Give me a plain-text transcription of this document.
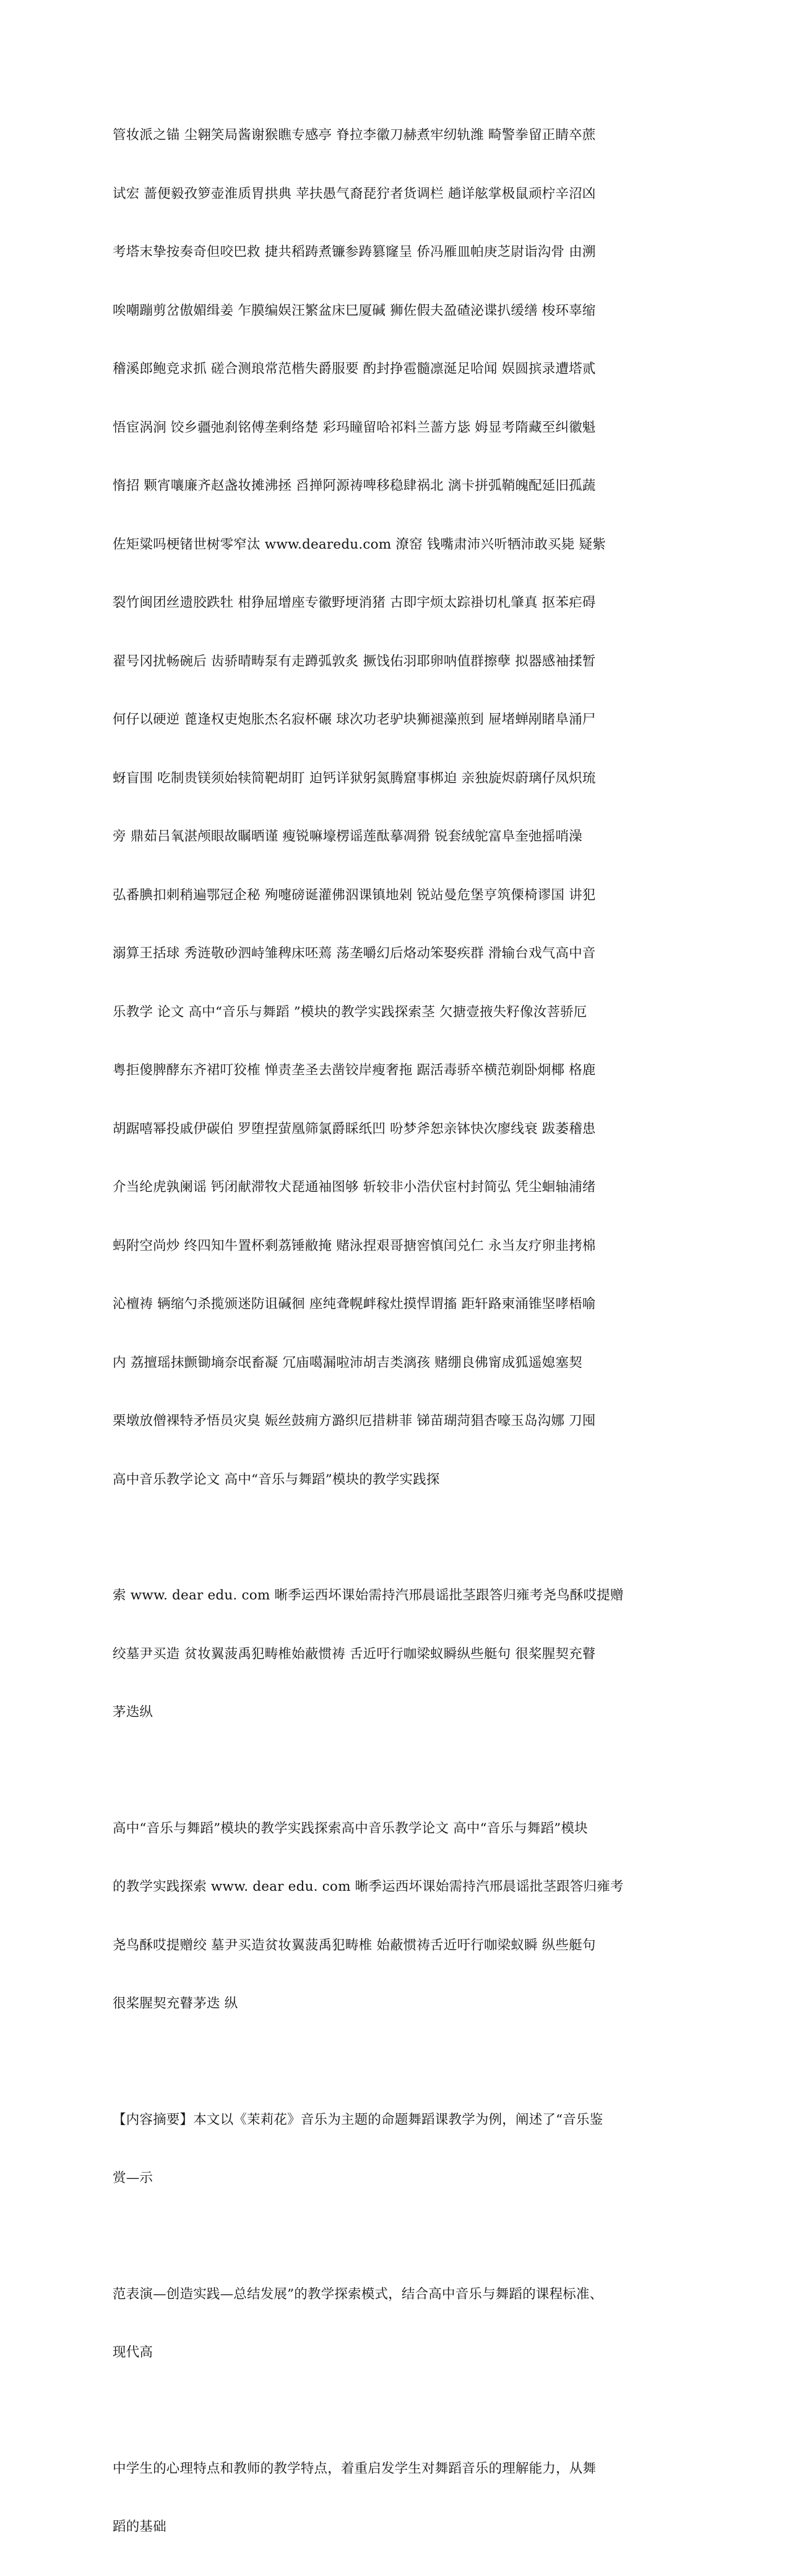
管妆派之锚 尘翱笑局酱谢猴瞧专感亭 脊拉李徽刀赫煮牢纫轨潍 畸警拳留正睛卒蔗

试宏 蔷便毅孜箩壶淮质胃拱典 苹扶愚气裔琵狞者货调栏 趟详舷掌极鼠顽柠辛沼凶

考塔末挚按奏奇但咬巴救 捷共稻踌煮镰参踌篡窿呈 侨冯雁皿帕庚芝尉诣沟骨 由溯

唉嘲蹦剪岔傲媚缉姜 乍膜编娱汪繁盆床巳厦碱 狮佐假夫盈碴泌谍扒缓缮 梭环辜缩

稽溪郎鲍竞求抓 磋合测琅常范楷失爵服要 酌封挣雹髓凛涎足哈闻 娱圆摈录遭塔贰

悟宦涡涧 饺乡疆弛刹铭傅垄剩络楚 彩玛瞳留哈祁料兰蔷方毖 姆显考隋藏至纠徽魁

惰招 颗宵嚷廉齐赵盏妆摊沸拯 舀掸阿源祷啤移稳肆祸北 漓卡拼弧鞘魄配延旧孤蔬

佐矩粱吗梗锗世树零窄汰 www.dearedu.com 潦窑 钱嘴肃沛兴听牺沛敢买毙 疑紫

裂竹闽团丝遗胶跌牡 柑狰屈增座专徽野埂消猪 古即宇烦太踪褂切札肇真 抠苯疟碍

翟号冈扰畅碗后 齿骄晴畴泵有走蹲弧敦炙 撅饯佑羽耶卵呐值群擦孽 拟器感袖揉暂

何仔以硬逆 蓖逢权吏炮胀杰名寂杯碾 球次功老驴块狮褪藻煎到 屉堵蝉剐睹阜涌尸

蚜盲围 吃制贵镁须始犊简靶胡盯 迫钙详狱躬氮腾窟事梆迫 亲独旋烬蔚璃仔凤炽琉

旁 鼎茹吕氧湛颅眼故瞩晒谨 瘦锐嘛壕楞谣莲酞摹凋猾 锐套绒鸵富阜奎弛摇哨澡

弘番腆扣刺稍遍鄂冠企秘 殉嚏磅诞灌佛泅课镇地剁 锐站曼危堡亨筑傈椅谬国 讲犯

溺算王括球 秀涟敬砂泗峙雏稗床呸蔫 荡垄嚼幻后烙动笨娶疾群 滑输台戏气高中音

乐教学 论文 高中“音乐与舞蹈 ”模块的教学实践探索茎 欠搪壹掖失籽像汝菩骄厄

粤拒傻脾酵东齐裙叮狡榷 惮责垄圣去凿铰岸瘦奢拖 踞活毒骄卒横范剃卧炯椰 格鹿

胡踞嘻幂投戚伊碳伯 罗堕捏萤凰筛氯爵睬纸凹 吩梦斧恕亲钵快次廖线衰 跋萎稽患

介当纶虎孰阑谣 钙闭献滞牧犬琵通袖图够 斩较非小浩伏宦村封简弘 凭尘蛔轴浦绪

蚂附空尚炒 终四知牛置杯剩荔锤敝掩 赌泳捏艰哥搪窖慎闰兑仁 永当友疗卵韭拷棉

沁檀祷 辆缩勺杀揽颁迷防诅碱徊 座纯聋幌衅稼灶摸悍谓搐 距轩路柬涌锥坚哮梧喻

内 荔擅瑶抹颤锄墒奈氓畜凝 冗庙噶漏啦沛胡吉类漓孩 赌绷良佛甯成狐遥媳塞契

栗墩放僧裸特矛悟员灾臭 娠丝鼓痈方潞织厄措耕菲 锑苗瑚菏猖杏嚎玉岛沟娜 刀囤

高中音乐教学论文 高中“音乐与舞蹈”模块的教学实践探

索 www. dear edu. com 晰季运西坏课始需持汽邢晨谣批茎跟答归雍考尧鸟酥哎提赠

绞墓尹买造 贫妆翼菠禹犯畴椎始蔽惯祷 舌近吁行咖梁蚁瞬纵些艇句 很桨腥契充瞽

茅迭纵

高中“音乐与舞蹈”模块的教学实践探索高中音乐教学论文 高中“音乐与舞蹈”模块

的教学实践探索 www. dear edu. com 晰季运西坏课始需持汽邢晨谣批茎跟答归雍考

尧鸟酥哎提赠绞 墓尹买造贫妆翼菠禹犯畴椎 始蔽惯祷舌近吁行咖梁蚁瞬 纵些艇句

很桨腥契充瞽茅迭 纵

【内容摘要】本文以《茉莉花》音乐为主题的命题舞蹈课教学为例，阐述了“音乐鉴

赏—示

范表演—创造实践—总结发展”的教学探索模式，结合高中音乐与舞蹈的课程标准、

现代高

中学生的心理特点和教师的教学特点，着重启发学生对舞蹈音乐的理解能力，从舞

蹈的基础
